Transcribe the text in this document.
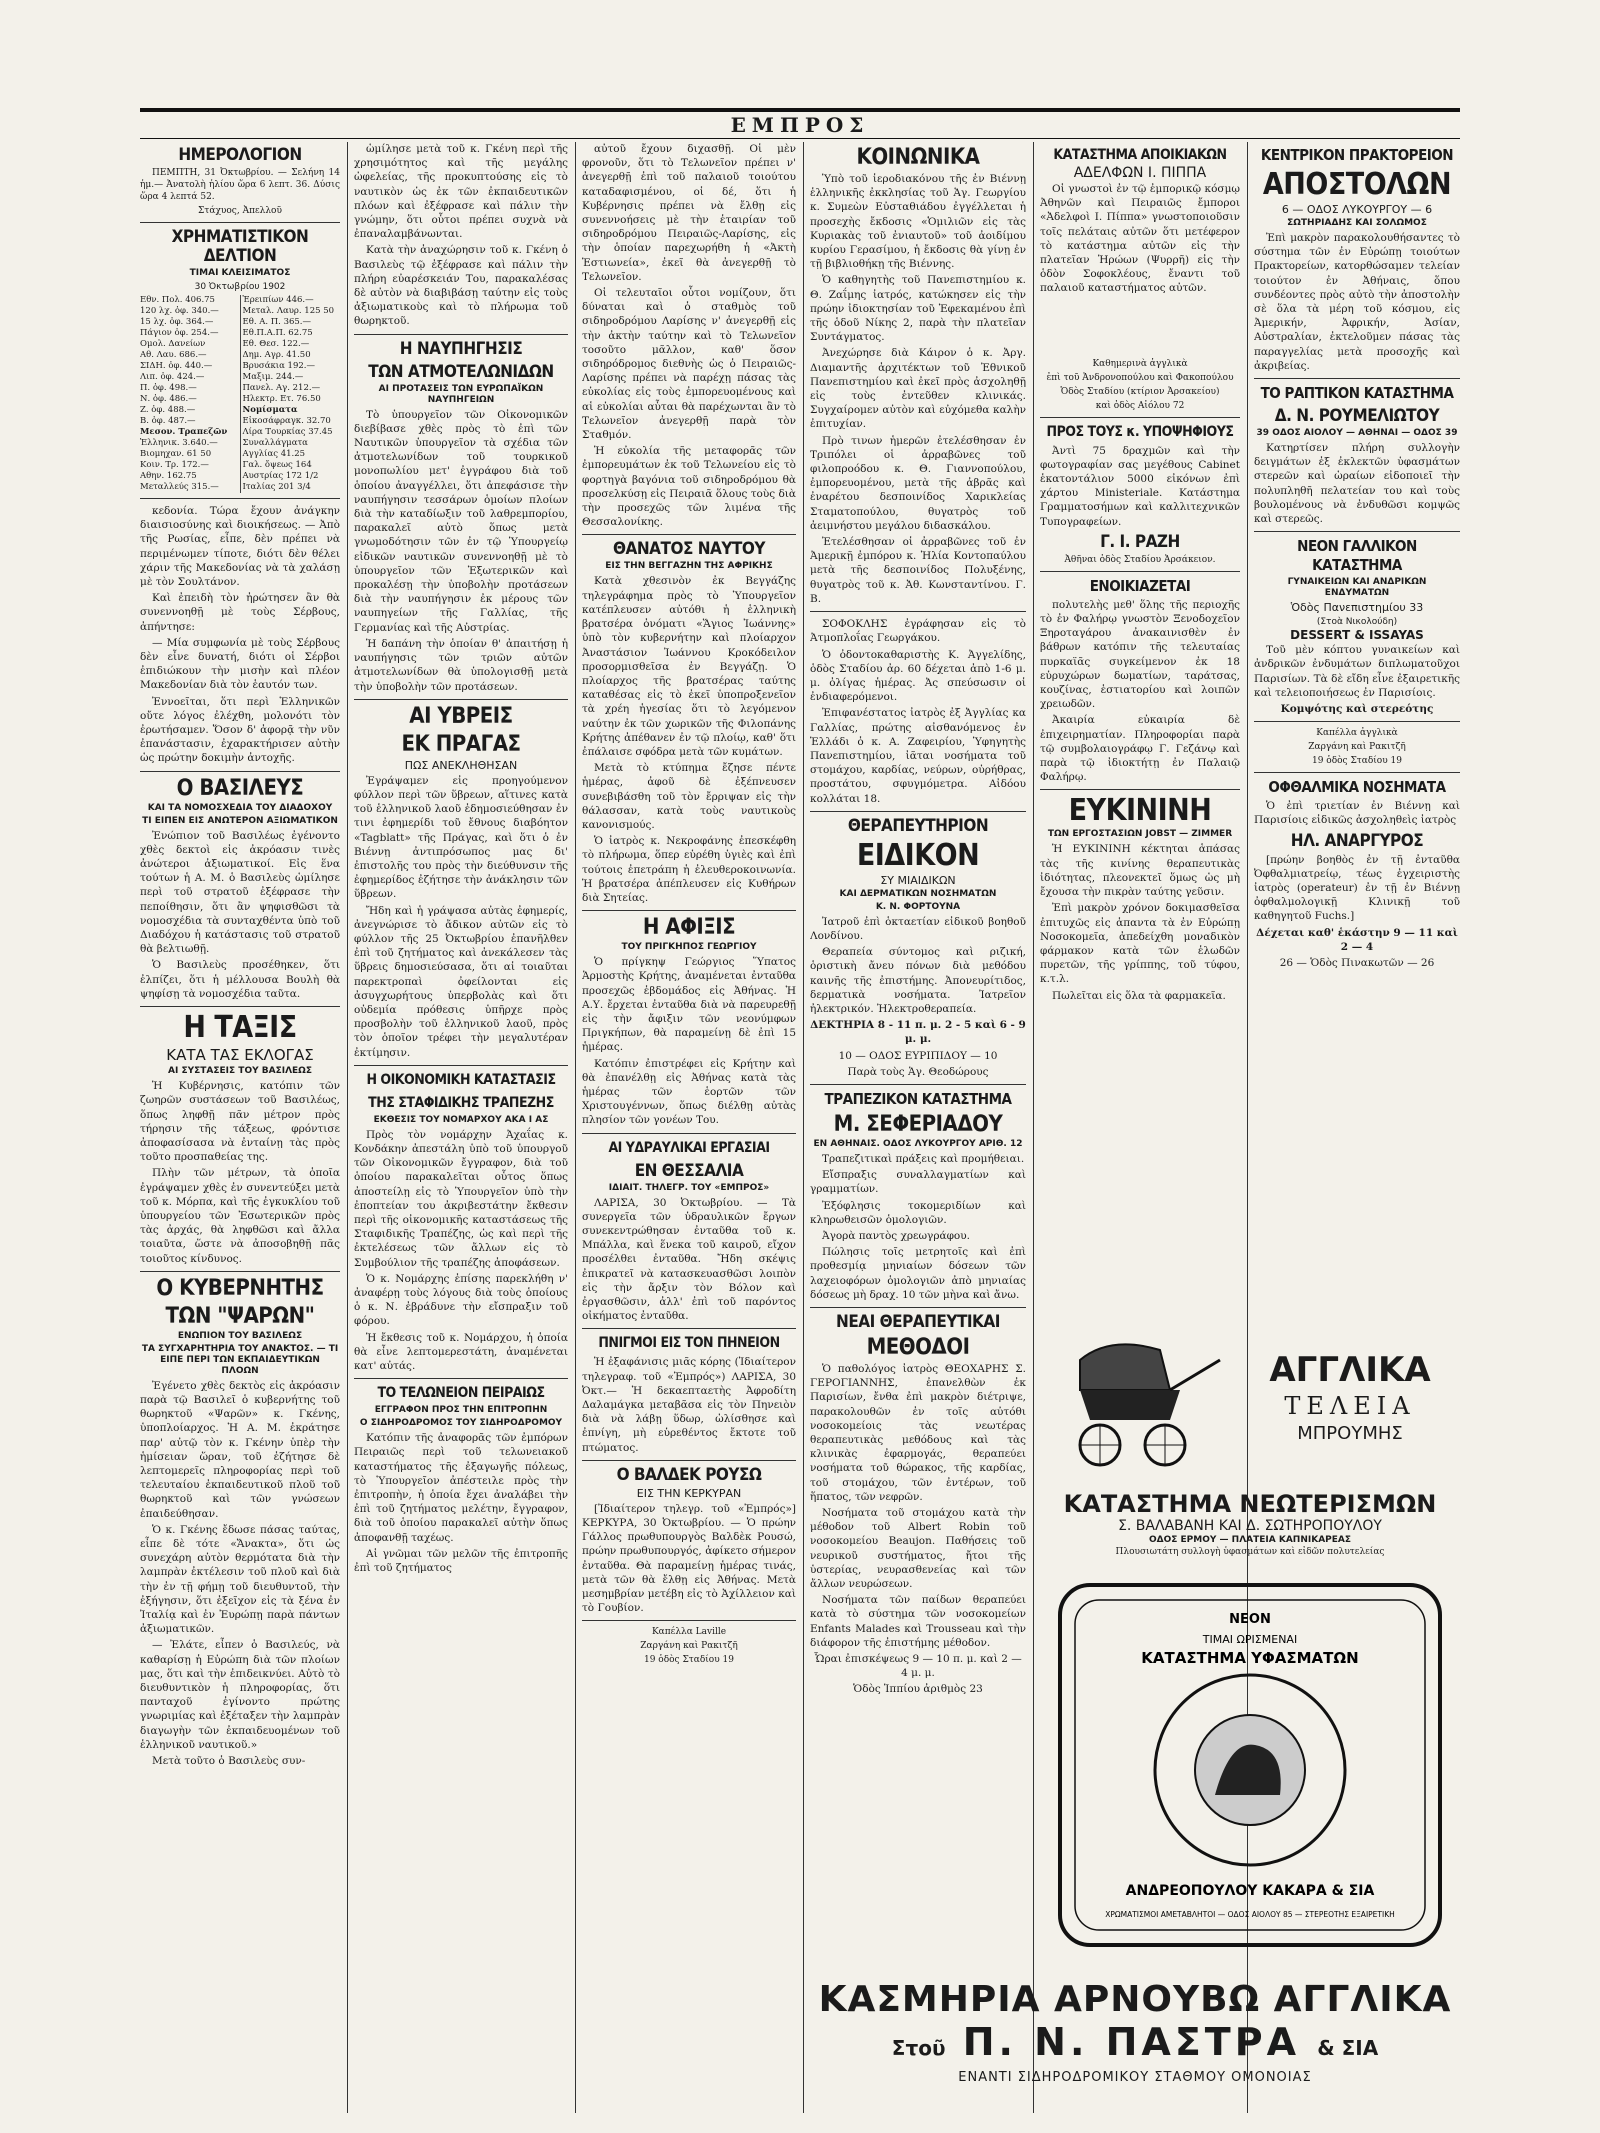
ΕΜΠΡΟΣ
ΗΜΕΡΟΛΟΓΙΟΝ

ΠΕΜΠΤΗ, 31 Ὀκτωβρίου. — Σελήνη 14 ἡμ.— Ἀνατολὴ ἡλίου ὥρα 6 λεπτ. 36. Δύσις ὥρα 4 λεπτά 52.

Στάχυος, Ἀπελλοῦ

ΧΡΗΜΑΤΙΣΤΙΚΟΝ ΔΕΛΤΙΟΝ
ΤΙΜΑΙ ΚΛΕΙΣΙΜΑΤΟΣ
30 Ὀκτωβρίου 1902
Εθν. Πολ. 406.75
120 λχ. ὀφ. 340.—
15 λχ. ὀφ. 364.—
Πάγιον ὀφ. 254.—
Ομολ. Δανείων
Αθ. Λαυ. 686.—
ΣΙΔΗ. ὀφ. 440.—
Λιπ. ὀφ. 424.—
Π. ὀφ. 498.—
Ν. ὀφ. 486.—
Ζ. ὀφ. 488.—
Β. ὀφ. 487.—
Μεσον. Τραπεζῶν
Ἑλληνικ. 3.640.—
Βιομηχαν. 61 50
Κοιν. Τρ. 172.—
Αθην. 162.75
Μεταλλεύς 315.—
Ἐρειπίων 446.—
Μεταλ. Λαυρ. 125 50
Εθ. Α. Π. 365.—
Εθ.Π.Α.Π. 62.75
Εθ. Θεσ. 122.—
Δημ. Αγρ. 41.50
Βρυσάκια 192.—
Μαξιμ. 244.—
Πανελ. Αγ. 212.—
Ηλεκτρ. Ετ. 76.50
Νομίσματα
Εἰκοσάφραγκ. 32.70
Λίρα Τουρκίας 37.45
Συναλλάγματα
Αγγλίας 41.25
Γαλ. ὄψεως 164
Αυστρίας 172 1/2
Ιταλίας 201 3/4

κεδονία. Τώρα ἔχουν ἀνάγκην διαισιοσύνης καὶ διοικήσεως. — Ἀπὸ τῆς Ρωσίας, εἶπε, δὲν πρέπει νὰ περιμένωμεν τίποτε, διότι δὲν θέλει χάριν τῆς Μακεδονίας νὰ τὰ χαλάσῃ μὲ τὸν Σουλτάνον.

Καὶ ἐπειδὴ τὸν ἠρώτησεν ἂν θὰ συνεννοηθῇ μὲ τοὺς Σέρβους, ἀπήντησε:

— Μία συμφωνία μὲ τοὺς Σέρβους δὲν εἶνε δυνατή, διότι οἱ Σέρβοι ἐπιδιώκουν τὴν μισὴν καὶ πλέον Μακεδονίαν διὰ τὸν ἑαυτόν των.

Ἐννοεῖται, ὅτι περὶ Ἑλληνικῶν οὔτε λόγος ἐλέχθη, μολονότι τὸν ἐρωτήσαμεν. Ὅσον δ' ἀφορᾷ τὴν νῦν ἐπανάστασιν, ἐχαρακτήρισεν αὐτὴν ὡς πρώτην δοκιμὴν ἀντοχῆς.

Ο ΒΑΣΙΛΕΥΣ
ΚΑΙ ΤΑ ΝΟΜΟΣΧΕΔΙΑ ΤΟΥ ΔΙΑΔΟΧΟΥ
ΤΙ ΕΙΠΕΝ ΕΙΣ ΑΝΩΤΕΡΟΝ ΑΞΙΩΜΑΤΙΚΟΝ

Ἐνώπιον τοῦ Βασιλέως ἐγένοντο χθὲς δεκτοὶ εἰς ἀκρόασιν τινὲς ἀνώτεροι ἀξιωματικοί. Εἰς ἕνα τούτων ἡ Α. Μ. ὁ Βασιλεὺς ὡμίλησε περὶ τοῦ στρατοῦ ἐξέφρασε τὴν πεποίθησιν, ὅτι ἂν ψηφισθῶσι τὰ νομοσχέδια τὰ συνταχθέντα ὑπὸ τοῦ Διαδόχου ἡ κατάστασις τοῦ στρατοῦ θὰ βελτιωθῇ.

Ὁ Βασιλεὺς προσέθηκεν, ὅτι ἐλπίζει, ὅτι ἡ μέλλουσα Βουλὴ θὰ ψηφίσῃ τὰ νομοσχέδια ταῦτα.

Η ΤΑΞΙΣ
ΚΑΤΑ ΤΑΣ ΕΚΛΟΓΑΣ
ΑΙ ΣΥΣΤΑΣΕΙΣ ΤΟΥ ΒΑΣΙΛΕΩΣ

Ἡ Κυβέρνησις, κατόπιν τῶν ζωηρῶν συστάσεων τοῦ Βασιλέως, ὅπως ληφθῇ πᾶν μέτρον πρὸς τήρησιν τῆς τάξεως, φρόντισε ἀποφασίσασα νὰ ἐνταίνῃ τὰς πρὸς τοῦτο προσπαθείας της.

Πλὴν τῶν μέτρων, τὰ ὁποῖα ἐγράψαμεν χθὲς ἐν συνεντεύξει μετὰ τοῦ κ. Μόρπα, καὶ τῆς ἐγκυκλίου τοῦ ὑπουργείου τῶν Ἐσωτερικῶν πρὸς τὰς ἀρχάς, θὰ ληφθῶσι καὶ ἄλλα τοιαῦτα, ὥστε νὰ ἀποσοβηθῇ πᾶς τοιοῦτος κίνδυνος.

Ο ΚΥΒΕΡΝΗΤΗΣ
ΤΩΝ "ΨΑΡΩΝ"
ΕΝΩΠΙΟΝ ΤΟΥ ΒΑΣΙΛΕΩΣ
ΤΑ ΣΥΓΧΑΡΗΤΗΡΙΑ ΤΟΥ ΑΝΑΚΤΟΣ. — ΤΙ ΕΙΠΕ ΠΕΡΙ ΤΩΝ ΕΚΠΑΙΔΕΥΤΙΚΩΝ ΠΛΟΩΝ

Ἐγένετο χθὲς δεκτὸς εἰς ἀκρόασιν παρὰ τῷ Βασιλεῖ ὁ κυβερνήτης τοῦ θωρηκτοῦ «Ψαρῶν» κ. Γκένης, ὑποπλοίαρχος. Ἡ Α. Μ. ἐκράτησε παρ' αὐτῷ τὸν κ. Γκένην ὑπὲρ τὴν ἡμίσειαν ὥραν, τοῦ ἐζήτησε δὲ λεπτομερεῖς πληροφορίας περὶ τοῦ τελευταίου ἐκπαιδευτικοῦ πλοῦ τοῦ θωρηκτοῦ καὶ τῶν γνώσεων ἐπαιδεύθησαν.

Ὁ κ. Γκένης ἔδωσε πάσας ταύτας, εἶπε δὲ τότε «Ἄνακτα», ὅτι ὡς συνεχάρη αὐτὸν θερμότατα διὰ τὴν λαμπρὰν ἐκτέλεσιν τοῦ πλοῦ καὶ διὰ τὴν ἐν τῇ φήμῃ τοῦ διευθυντοῦ, τὴν ἐξήγησιν, ὅτι ἐξεῖχον εἰς τὰ ξένα ἐν Ἰταλίᾳ καὶ ἐν Ἐυρώπῃ παρὰ πάντων ἀξιωματικῶν.

— Ἐλάτε, εἶπεν ὁ Βασιλεύς, νὰ καθαρίσῃ ἡ Εὐρώπη διὰ τῶν πλοίων μας, ὅτι καὶ τὴν ἐπιδεικνύει. Αὐτὸ τὸ διευθυντικὸν ἡ πληροφορίας, ὅτι πανταχοῦ ἐγίνοντο πρώτης γνωριμίας καὶ ἐξέταξεν τὴν λαμπρὰν διαγωγὴν τῶν ἐκπαιδευομένων τοῦ ἑλληνικοῦ ναυτικοῦ.»

Μετὰ τοῦτο ὁ Βασιλεὺς συν-

ὡμίλησε μετὰ τοῦ κ. Γκένη περὶ τῆς χρησιμότητος καὶ τῆς μεγάλης ὠφελείας, τῆς προκυπτούσης εἰς τὸ ναυτικὸν ὡς ἐκ τῶν ἐκπαιδευτικῶν πλόων καὶ ἐξέφρασε καὶ πάλιν τὴν γνώμην, ὅτι οὗτοι πρέπει συχνὰ νὰ ἐπαναλαμβάνωνται.

Κατὰ τὴν ἀναχώρησιν τοῦ κ. Γκένη ὁ Βασιλεὺς τῷ ἐξέφρασε καὶ πάλιν τὴν πλήρη εὐαρέσκειάν Του, παρακαλέσας δὲ αὐτὸν νὰ διαβιβάσῃ ταύτην εἰς τοὺς ἀξιωματικοὺς καὶ τὸ πλήρωμα τοῦ θωρηκτοῦ.

Η ΝΑΥΠΗΓΗΣΙΣ
ΤΩΝ ΑΤΜΟΤΕΛΩΝΙΔΩΝ
ΑΙ ΠΡΟΤΑΣΕΙΣ ΤΩΝ ΕΥΡΩΠΑΪΚΩΝ ΝΑΥΠΗΓΕΙΩΝ

Τὸ ὑπουργεῖον τῶν Οἰκονομικῶν διεβίβασε χθὲς πρὸς τὸ ἐπὶ τῶν Ναυτικῶν ὑπουργεῖον τὰ σχέδια τῶν ἀτμοτελωνίδων τοῦ τουρκικοῦ μονοπωλίου μετ' ἐγγράφου διὰ τοῦ ὁποίου ἀναγγέλλει, ὅτι ἀπεφάσισε τὴν ναυπήγησιν τεσσάρων ὁμοίων πλοίων διὰ τὴν καταδίωξιν τοῦ λαθρεμπορίου, παρακαλεῖ αὐτὸ ὅπως μετὰ γνωμοδότησιν τῶν ἐν τῷ Ὑπουργείῳ εἰδικῶν ναυτικῶν συνεννοηθῇ μὲ τὸ ὑπουργεῖον τῶν Ἐξωτερικῶν καὶ προκαλέσῃ τὴν ὑποβολὴν προτάσεων διὰ τὴν ναυπήγησιν ἐκ μέρους τῶν ναυπηγείων τῆς Γαλλίας, τῆς Γερμανίας καὶ τῆς Αὐστρίας.

Ἡ δαπάνη τὴν ὁποίαν θ' ἀπαιτήσῃ ἡ ναυπήγησις τῶν τριῶν αὐτῶν ἀτμοτελωνίδων θὰ ὑπολογισθῇ μετὰ τὴν ὑποβολὴν τῶν προτάσεων.

ΑΙ ΥΒΡΕΙΣ
ΕΚ ΠΡΑΓΑΣ
ΠΩΣ ΑΝΕΚΛΗΘΗΣΑΝ

Ἐγράψαμεν εἰς προηγούμενον φύλλον περὶ τῶν ὕβρεων, αἵτινες κατὰ τοῦ ἑλληνικοῦ λαοῦ ἐδημοσιεύθησαν ἐν τινι ἐφημερίδι τοῦ ἔθνους διαβόητον «Tagblatt» τῆς Πράγας, καὶ ὅτι ὁ ἐν Βιέννῃ ἀντιπρόσωπος μας δι' ἐπιστολῆς του πρὸς τὴν διεύθυνσιν τῆς ἐφημερίδος ἐζήτησε τὴν ἀνάκλησιν τῶν ὕβρεων.

Ἤδη καὶ ἡ γράψασα αὐτὰς ἐφημερίς, ἀνεγνώρισε τὸ ἄδικον αὐτῶν εἰς τὸ φύλλον τῆς 25 Ὀκτωβρίου ἐπανῆλθεν ἐπὶ τοῦ ζητήματος καὶ ἀνεκάλεσεν τὰς ὕβρεις δημοσιεύσασα, ὅτι αἱ τοιαῦται παρεκτροπαὶ ὀφείλονται εἰς ἀσυγχωρήτους ὑπερβολὰς καὶ ὅτι οὐδεμία πρόθεσις ὑπῆρχε πρὸς προσβολὴν τοῦ ἑλληνικοῦ λαοῦ, πρὸς τὸν ὁποῖον τρέφει τὴν μεγαλυτέραν ἐκτίμησιν.

Η ΟΙΚΟΝΟΜΙΚΗ ΚΑΤΑΣΤΑΣΙΣ
ΤΗΣ ΣΤΑΦΙΔΙΚΗΣ ΤΡΑΠΕΖΗΣ
ΕΚΘΕΣΙΣ ΤΟΥ ΝΟΜΑΡΧΟΥ ΑΚΑ Ι ΑΣ

Πρὸς τὸν νομάρχην Ἀχαΐας κ. Κονδάκην ἀπεστάλη ὑπὸ τοῦ ὑπουργοῦ τῶν Οἰκονομικῶν ἔγγραφον, διὰ τοῦ ὁποίου παρακαλεῖται οὗτος ὅπως ἀποστείλῃ εἰς τὸ Ὑπουργεῖον ὑπὸ τὴν ἐποπτείαν του ἀκριβεστάτην ἔκθεσιν περὶ τῆς οἰκονομικῆς καταστάσεως τῆς Σταφιδικῆς Τραπέζης, ὡς καὶ περὶ τῆς ἐκτελέσεως τῶν ἄλλων εἰς τὸ Συμβούλιον τῆς τραπέζης ἀποφάσεων.

Ὁ κ. Νομάρχης ἐπίσης παρεκλήθη ν' ἀναφέρῃ τοὺς λόγους διὰ τοὺς ὁποίους ὁ κ. Ν. ἐβράδυνε τὴν εἴσπραξιν τοῦ φόρου.

Ἡ ἔκθεσις τοῦ κ. Νομάρχου, ἡ ὁποία θὰ εἶνε λεπτομερεστάτη, ἀναμένεται κατ' αὐτάς.

ΤΟ ΤΕΛΩΝΕΙΟΝ ΠΕΙΡΑΙΩΣ
ΕΓΓΡΑΦΟΝ ΠΡΟΣ ΤΗΝ ΕΠΙΤΡΟΠΗΝ
Ο ΣΙΔΗΡΟΔΡΟΜΟΣ ΤΟΥ ΣΙΔΗΡΟΔΡΟΜΟΥ

Κατόπιν τῆς ἀναφορᾶς τῶν ἐμπόρων Πειραιῶς περὶ τοῦ τελωνειακοῦ καταστήματος τῆς ἐξαγωγῆς πόλεως, τὸ Ὑπουργεῖον ἀπέστειλε πρὸς τὴν ἐπιτροπὴν, ἡ ὁποία ἔχει ἀναλάβει τὴν ἐπὶ τοῦ ζητήματος μελέτην, ἔγγραφον, διὰ τοῦ ὁποίου παρακαλεῖ αὐτὴν ὅπως ἀποφανθῇ ταχέως.

Αἱ γνῶμαι τῶν μελῶν τῆς ἐπιτροπῆς ἐπὶ τοῦ ζητήματος

αὐτοῦ ἔχουν διχασθῇ. Οἱ μὲν φρονοῦν, ὅτι τὸ Τελωνεῖον πρέπει ν' ἀνεγερθῇ ἐπὶ τοῦ παλαιοῦ τοιούτου καταδαφισμένου, οἱ δέ, ὅτι ἡ Κυβέρνησις πρέπει νὰ ἔλθῃ εἰς συνεννοήσεις μὲ τὴν ἑταιρίαν τοῦ σιδηροδρόμου Πειραιῶς-Λαρίσης, εἰς τὴν ὁποίαν παρεχωρήθη ἡ «Ἀκτὴ Ἑστιωνεία», ἐκεῖ θὰ ἀνεγερθῇ τὸ Τελωνεῖον.

Οἱ τελευταῖοι οὗτοι νομίζουν, ὅτι δύναται καὶ ὁ σταθμὸς τοῦ σιδηροδρόμου Λαρίσης ν' ἀνεγερθῇ εἰς τὴν ἀκτὴν ταύτην καὶ τὸ Τελωνεῖον τοσοῦτο μᾶλλον, καθ' ὅσον σιδηρόδρομος διεθνὴς ὡς ὁ Πειραιῶς-Λαρίσης πρέπει νὰ παρέχῃ πάσας τὰς εὐκολίας εἰς τοὺς ἐμπορευομένους καὶ αἱ εὐκολίαι αὗται θὰ παρέχωνται ἂν τὸ Τελωνεῖον ἀνεγερθῇ παρὰ τὸν Σταθμόν.

Ἡ εὐκολία τῆς μεταφορᾶς τῶν ἐμπορευμάτων ἐκ τοῦ Τελωνείου εἰς τὸ φορτηγὰ βαγόνια τοῦ σιδηροδρόμου θὰ προσελκύσῃ εἰς Πειραιᾶ ὅλους τοὺς διὰ τὴν προσεχῶς τῶν λιμένα τῆς Θεσσαλονίκης.

ΘΑΝΑΤΟΣ ΝΑΥΤΟΥ
ΕΙΣ ΤΗΝ ΒΕΓΓΑΖΗΝ ΤΗΣ ΑΦΡΙΚΗΣ

Κατὰ χθεσινὸν ἐκ Βεγγάζης τηλεγράφημα πρὸς τὸ Ὑπουργεῖον κατέπλευσεν αὐτόθι ἡ ἑλληνικὴ βρατσέρα ὀνόματι «Ἅγιος Ἰωάννης» ὑπὸ τὸν κυβερνήτην καὶ πλοίαρχον Ἀναστάσιον Ἰωάννου Κροκόδειλον προσορμισθεῖσα ἐν Βεγγάζῃ. Ὁ πλοίαρχος τῆς βρατσέρας ταύτης καταθέσας εἰς τὸ ἐκεῖ ὑποπροξενεῖον τὰ χρέη ἡγεσίας ὅτι τὸ λεγόμενον ναύτην ἐκ τῶν χωρικῶν τῆς Φιλοπάνης Κρήτης ἀπέθανεν ἐν τῷ πλοίῳ, καθ' ὅτι ἐπάλαισε σφόδρα μετὰ τῶν κυμάτων.

Μετὰ τὸ κτύπημα ἔζησε πέντε ἡμέρας, ἀφοῦ δὲ ἐξέπνευσεν συνεβιβάσθη τοῦ τὸν ἔρριψαν εἰς τὴν θάλασσαν, κατὰ τοὺς ναυτικοὺς κανονισμούς.

Ὁ ἰατρὸς κ. Νεκροφάνης ἐπεσκέφθη τὸ πλήρωμα, ὅπερ εὑρέθη ὑγιὲς καὶ ἐπὶ τούτοις ἐπετράπη ἡ ἐλευθεροκοινωνία. Ἡ βρατσέρα ἀπέπλευσεν εἰς Κυθήρων διὰ Σητείας.

Η ΑΦΙΞΙΣ
ΤΟΥ ΠΡΙΓΚΗΠΟΣ ΓΕΩΡΓΙΟΥ

Ὁ πρίγκηψ Γεώργιος Ὕπατος Ἁρμοστὴς Κρήτης, ἀναμένεται ἐνταῦθα προσεχῶς ἑβδομάδος εἰς Ἀθήνας. Ἡ Α.Υ. ἔρχεται ἐνταῦθα διὰ νὰ παρευρεθῇ εἰς τὴν ἄφιξιν τῶν νεονύμφων Πριγκήπων, θὰ παραμείνῃ δὲ ἐπὶ 15 ἡμέρας.

Κατόπιν ἐπιστρέφει εἰς Κρήτην καὶ θὰ ἐπανέλθῃ εἰς Ἀθήνας κατὰ τὰς ἡμέρας τῶν ἑορτῶν τῶν Χριστουγέννων, ὅπως διέλθῃ αὐτὰς πλησίον τῶν γονέων Του.

ΑΙ ΥΔΡΑΥΛΙΚΑΙ ΕΡΓΑΣΙΑΙ
ΕΝ ΘΕΣΣΑΛΙΑ
ΙΔΙΑΙΤ. ΤΗΛΕΓΡ. ΤΟΥ «ΕΜΠΡΟΣ»

ΛΑΡΙΣΑ, 30 Ὀκτωβρίου. — Τὰ συνεργεῖα τῶν ὑδραυλικῶν ἔργων συνεκεντρώθησαν ἐνταῦθα τοῦ κ. Μπάλλα, καὶ ἕνεκα τοῦ καιροῦ, εἴχον προσέλθει ἐνταῦθα. Ἤδη σκέψις ἐπικρατεῖ νὰ κατασκευασθῶσι λοιπὸν εἰς τὴν ἄρξιν τὸν Βόλον καὶ ἐργασθῶσιν, ἀλλ' ἐπὶ τοῦ παρόντος οἰκήματος ἐνταῦθα.

ΠΝΙΓΜΟΙ ΕΙΣ ΤΟΝ ΠΗΝΕΙΟΝ

Ἡ ἐξαφάνισις μιᾶς κόρης (Ἰδιαίτερον τηλεγραφ. τοῦ «Ἐμπρός») ΛΑΡΙΣΑ, 30 Ὀκτ.— Ἡ δεκαεπταετὴς Ἀφροδίτη Δαλαμάγκα μεταβᾶσα εἰς τὸν Πηνειὸν διὰ νὰ λάβῃ ὕδωρ, ὠλίσθησε καὶ ἐπνίγη, μὴ εὑρεθέντος ἔκτοτε τοῦ πτώματος.

Ο ΒΑΛΔΕΚ ΡΟΥΣΩ
ΕΙΣ ΤΗΝ ΚΕΡΚΥΡΑΝ

[Ἰδιαίτερον τηλεγρ. τοῦ «Ἐμπρός»] ΚΕΡΚΥΡΑ, 30 Ὀκτωβρίου. — Ὁ πρώην Γάλλος πρωθυπουργὸς Βαλδὲκ Ρουσώ, πρώην πρωθυπουργός, ἀφίκετο σήμερον ἐνταῦθα. Θὰ παραμείνῃ ἡμέρας τινάς, μετὰ τῶν θὰ ἔλθῃ εἰς Ἀθήνας. Μετὰ μεσημβρίαν μετέβη εἰς τὸ Ἀχίλλειον καὶ τὸ Γουβίον.

Καπέλλα Laville

Ζαργάνη καὶ Ρακιτζῆ

19 ὁδὸς Σταδίου 19

ΚΟΙΝΩΝΙΚΑ

Ὑπὸ τοῦ ἱεροδιακόνου τῆς ἐν Βιέννῃ ἑλληνικῆς ἐκκλησίας τοῦ Ἁγ. Γεωργίου κ. Συμεὼν Εὐσταθιάδου ἐγγέλλεται ἡ προσεχὴς ἔκδοσις «Ὁμιλιῶν εἰς τὰς Κυριακὰς τοῦ ἐνιαυτοῦ» τοῦ ἀοιδίμου κυρίου Γερασίμου, ἡ ἔκδοσις θὰ γίνῃ ἐν τῇ βιβλιοθήκῃ τῆς Βιέννης.

Ὁ καθηγητὴς τοῦ Πανεπιστημίου κ. Θ. Ζαΐμης ἰατρός, κατώκησεν εἰς τὴν πρώην ἰδιοκτησίαν τοῦ Ἐφεκαμένου ἐπὶ τῆς ὁδοῦ Νίκης 2, παρὰ τὴν πλατεῖαν Συντάγματος.

Ἀνεχώρησε διὰ Κάιρον ὁ κ. Ἀργ. Διαμαντῆς ἀρχιτέκτων τοῦ Ἐθνικοῦ Πανεπιστημίου καὶ ἐκεῖ πρὸς ἀσχοληθῇ εἰς τοὺς ἐντεῦθεν κλινικάς. Συγχαίρομεν αὐτὸν καὶ εὐχόμεθα καλὴν ἐπιτυχίαν.

Πρὸ τινων ἡμερῶν ἐτελέσθησαν ἐν Τριπόλει οἱ ἀρραβῶνες τοῦ φιλοπροόδου κ. Θ. Γιαννοπούλου, ἐμπορευομένου, μετὰ τῆς ἀβρᾶς καὶ ἐναρέτου δεσποινίδος Χαρικλείας Σταματοπούλου, θυγατρὸς τοῦ ἀειμνήστου μεγάλου διδασκάλου.

Ἐτελέσθησαν οἱ ἀρραβῶνες τοῦ ἐν Ἀμερικῇ ἐμπόρου κ. Ἠλία Κοντοπαύλου μετὰ τῆς δεσποινίδος Πολυξένης, θυγατρὸς τοῦ κ. Ἀθ. Κωνσταντίνου. Γ. Β.

ΣΟΦΟΚΛΗΣ ἐγράφησαν εἰς τὸ Ἀτμοπλοΐας Γεωργάκου.

Ὁ ὀδοντοκαθαριστὴς Κ. Ἀγγελίδης, ὁδὸς Σταδίου ἀρ. 60 δέχεται ἀπὸ 1-6 μ. μ. ὀλίγας ἡμέρας. Ἀς σπεύσωσιν οἱ ἐνδιαφερόμενοι.

Ἐπιφανέστατος ἰατρὸς ἐξ Ἀγγλίας κα Γαλλίας, πρώτης αἰσθανόμενος ἐν Ἑλλάδι ὁ κ. Α. Ζαφειρίου, Ὑφηγητὴς Πανεπιστημίου, ἰᾶται νοσήματα τοῦ στομάχου, καρδίας, νεύρων, οὐρήθρας, προστάτου, σφυγμόμετρα. Αἰδόου κολλάται 18.

ΘΕΡΑΠΕΥΤΗΡΙΟΝ
ΕΙΔΙΚΟΝ
ΣΥ ΜΙΑΙΔΙΚΩΝ
ΚΑΙ ΔΕΡΜΑΤΙΚΩΝ ΝΟΣΗΜΑΤΩΝ
Κ. Ν. ΦΟΡΤΟΥΝΑ

Ἰατροῦ ἐπὶ ὁκταετίαν εἰδικοῦ βοηθοῦ Λονδίνου.

Θεραπεία σύντομος καὶ ριζική, ὁριστικὴ ἄνευ πόνων διὰ μεθόδου καινῆς τῆς ἐπιστήμης. Ἀπονευρίτιδος, δερματικὰ νοσήματα. Ἰατρεῖον ἠλεκτρικόν. Ἠλεκτροθεραπεία.

ΔΕΚΤΗΡΙΑ 8 - 11 π. μ. 2 - 5 καὶ 6 - 9 μ. μ.

10 — ΟΔΟΣ ΕΥΡΙΠΙΔΟΥ — 10

Παρὰ τοὺς Ἁγ. Θεοδώρους

ΤΡΑΠΕΖΙΚΟΝ ΚΑΤΑΣΤΗΜΑ
Μ. ΣΕΦΕΡΙΑΔΟΥ
ΕΝ ΑΘΗΝΑΙΣ. ΟΔΟΣ ΛΥΚΟΥΡΓΟΥ ΑΡΙΘ. 12

Τραπεζιτικαὶ πράξεις καὶ προμήθειαι.

Εἴσπραξις συναλλαγματίων καὶ γραμματίων.

Ἐξόφλησις τοκομεριδίων καὶ κληρωθεισῶν ὁμολογιῶν.

Ἀγορὰ παντὸς χρεωγράφου.

Πώλησις τοῖς μετρητοῖς καὶ ἐπὶ προθεσμίᾳ μηνιαίων δόσεων τῶν λαχειοφόρων ὁμολογιῶν ἀπὸ μηνιαίας δόσεως μὴ δραχ. 10 τῶν μὴνα καὶ ἄνω.

ΝΕΑΙ ΘΕΡΑΠΕΥΤΙΚΑΙ
ΜΕΘΟΔΟΙ

Ὁ παθολόγος ἰατρὸς ΘΕΟΧΑΡΗΣ Σ. ΓΕΡΟΓΙΑΝΝΗΣ, ἐπανελθὼν ἐκ Παρισίων, ἔνθα ἐπὶ μακρὸν διέτριψε, παρακολουθῶν ἐν τοῖς αὐτόθι νοσοκομείοις τὰς νεωτέρας θεραπευτικὰς μεθόδους καὶ τὰς κλινικὰς ἐφαρμογάς, θεραπεύει νοσήματα τοῦ θώρακος, τῆς καρδίας, τοῦ στομάχου, τῶν ἐντέρων, τοῦ ἥπατος, τῶν νεφρῶν.

Νοσήματα τοῦ στομάχου κατὰ τὴν μέθοδον τοῦ Albert Robin τοῦ νοσοκομείου Beaujon. Παθήσεις τοῦ νευρικοῦ συστήματος, ἤτοι τῆς ὑστερίας, νευρασθενείας καὶ τῶν ἄλλων νευρώσεων.

Νοσήματα τῶν παίδων θεραπεύει κατὰ τὸ σύστημα τῶν νοσοκομείων Enfants Malades καὶ Trousseau καὶ τὴν διάφορον τῆς ἐπιστήμης μέθοδον.

Ὧραι ἐπισκέψεως 9 — 10 π. μ. καὶ 2 — 4 μ. μ.

Ὁδὸς Ἱππίου ἀριθμὸς 23

ΚΑΤΑΣΤΗΜΑ ΑΠΟΙΚΙΑΚΩΝ
ΑΔΕΛΦΩΝ Ι. ΠΙΠΠΑ

Οἱ γνωστοὶ ἐν τῷ ἐμπορικῷ κόσμῳ Ἀθηνῶν καὶ Πειραιῶς ἔμποροι «Ἀδελφοὶ Ι. Πίππα» γνωστοποιοῦσιν τοῖς πελάταις αὐτῶν ὅτι μετέφερον τὸ κατάστημα αὐτῶν εἰς τὴν πλατεῖαν Ἡρώων (Ψυρρῆ) εἰς τὴν ὁδὸν Σοφοκλέους, ἔναντι τοῦ παλαιοῦ καταστήματος αὐτῶν.

Καθημερινὰ ἀγγλικὰ

ἐπὶ τοῦ Ἀνδρονοπούλου καὶ Φακοπούλου

Ὁδὸς Σταδίου (κτίριον Ἀρσακείου)

καὶ ὁδὸς Αἰόλου 72

ΠΡΟΣ ΤΟΥΣ κ. ΥΠΟΨΗΦΙΟΥΣ

Ἀντὶ 75 δραχμῶν καὶ τὴν φωτογραφίαν σας μεγέθους Cabinet ἑκατοντάλιον 5000 εἰκόνων ἐπὶ χάρτου Ministeriale. Κατάστημα Γραμματοσήμων καὶ καλλιτεχνικῶν Τυπογραφείων.

Γ. Ι. ΡΑΖΗ

Ἀθῆναι ὁδὸς Σταδίου Ἀρσάκειον.

ΕΝΟΙΚΙΑΖΕΤΑΙ

πολυτελὴς μεθ' ὅλης τῆς περιοχῆς τὸ ἐν Φαλήρῳ γνωστὸν Ξενοδοχεῖον Ξηροταγάρου ἀνακαινισθὲν ἐν βάθρων κατόπιν τῆς τελευταίας πυρκαϊᾶς συγκείμενον ἐκ 18 εὐρυχώρων δωματίων, ταράτσας, κουζίνας, ἑστιατορίου καὶ λοιπῶν χρειωδῶν.

Ἀκαιρία εὐκαιρία δὲ ἐπιχειρηματίαν. Πληροφορίαι παρὰ τῷ συμβολαιογράφῳ Γ. Γεζάνῳ καὶ παρὰ τῷ ἰδιοκτήτῃ ἐν Παλαιῷ Φαλήρῳ.

ΕΥΚΙΝΙΝΗ
ΤΩΝ ΕΡΓΟΣΤΑΣΙΩΝ JOBST — ZIMMER

Ἡ ΕΥΚΙΝΙΝΗ κέκτηται ἁπάσας τὰς τῆς κινίνης θεραπευτικὰς ἰδιότητας, πλεονεκτεῖ ὅμως ὡς μὴ ἔχουσα τὴν πικρὰν ταύτης γεῦσιν.

Ἐπὶ μακρὸν χρόνον δοκιμασθεῖσα ἐπιτυχῶς εἰς ἁπαντα τὰ ἐν Εὐρώπῃ Νοσοκομεῖα, ἀπεδείχθη μοναδικὸν φάρμακον κατὰ τῶν ἑλωδῶν πυρετῶν, τῆς γρίππης, τοῦ τύφου, κ.τ.λ.

Πωλεῖται εἰς ὅλα τὰ φαρμακεῖα.

ΚΕΝΤΡΙΚΟΝ ΠΡΑΚΤΟΡΕΙΟΝ
ΑΠΟΣΤΟΛΩΝ
6 — ΟΔΟΣ ΛΥΚΟΥΡΓΟΥ — 6
ΣΩΤΗΡΙΑΔΗΣ ΚΑΙ ΣΟΛΩΜΟΣ

Ἐπὶ μακρὸν παρακολουθήσαντες τὸ σύστημα τῶν ἐν Εὐρώπῃ τοιούτων Πρακτορείων, κατορθώσαμεν τελείαν τοιούτον ἐν Ἀθήναις, ὅπου συνδέοντες πρὸς αὐτὸ τὴν ἀποστολὴν σὲ ὅλα τὰ μέρη τοῦ κόσμου, εἰς Ἀμερικήν, Ἀφρικήν, Ἀσίαν, Αὐστραλίαν, ἐκτελοῦμεν πάσας τὰς παραγγελίας μετὰ προσοχῆς καὶ ἀκριβείας.

ΤΟ ΡΑΠΤΙΚΟΝ ΚΑΤΑΣΤΗΜΑ
Δ. Ν. ΡΟΥΜΕΛΙΩΤΟΥ
39 ΟΔΟΣ ΑΙΟΛΟΥ — ΑΘΗΝΑΙ — ΟΔΟΣ 39

Κατηρτίσεν πλήρη συλλογὴν δειγμάτων ἐξ ἐκλεκτῶν ὑφασμάτων στερεῶν καὶ ὡραίων εἰδοποιεῖ τὴν πολυπληθῆ πελατείαν του καὶ τοὺς βουλομένους νὰ ἐνδυθῶσι κομψῶς καὶ στερεῶς.

ΝΕΟΝ ΓΑΛΛΙΚΟΝ ΚΑΤΑΣΤΗΜΑ
ΓΥΝΑΙΚΕΙΩΝ ΚΑΙ ΑΝΔΡΙΚΩΝ ΕΝΔΥΜΑΤΩΝ
Ὁδὸς Πανεπιστημίου 33
(Στοὰ Νικολούδη)
DESSERT & ISSAYAS

Τοῦ μὲν κόπτου γυναικείων καὶ ἀνδρικῶν ἐνδυμάτων διπλωματοῦχοι Παρισίων. Τὰ δὲ εἴδη εἶνε ἐξαιρετικῆς καὶ τελειοποιήσεως ἐν Παρισίοις.

Κομψότης καὶ στερεότης

Καπέλλα ἀγγλικὰ

Ζαργάνη καὶ Ρακιτζῆ

19 ὁδὸς Σταδίου 19

ΟΦΘΑΛΜΙΚΑ ΝΟΣΗΜΑΤΑ

Ὁ ἐπὶ τριετίαν ἐν Βιέννῃ καὶ Παρισίοις εἰδικῶς ἀσχοληθεὶς ἰατρὸς

ΗΛ. ΑΝΑΡΓΥΡΟΣ

[πρώην βοηθὸς ἐν τῇ ἐνταῦθα Ὀφθαλμιατρείῳ, τέως ἐγχειριστὴς ἰατρὸς (operateur) ἐν τῇ ἐν Βιέννῃ ὀφθαλμολογικῇ Κλινικῇ τοῦ καθηγητοῦ Fuchs.]

Δέχεται καθ' ἑκάστην 9 — 11 καὶ 2 — 4

26 — Ὁδὸς Πινακωτῶν — 26

ΑΓΓΛΙΚΑ
ΤΕΛΕΙΑ
ΜΠΡΟΥΜΗΣ
ΚΑΤΑΣΤΗΜΑ ΝΕΩΤΕΡΙΣΜΩΝ
Σ. ΒΑΛΑΒΑΝΗ ΚΑΙ Δ. ΣΩΤΗΡΟΠΟΥΛΟΥ
ΟΔΟΣ ΕΡΜΟΥ — ΠΛΑΤΕΙΑ ΚΑΠΝΙΚΑΡΕΑΣ
Πλουσιωτάτη συλλογὴ ὑφασμάτων καὶ εἰδῶν πολυτελείας
ΝΕΟΝ
ΤΙΜΑΙ ΩΡΙΣΜΕΝΑΙ
ΚΑΤΑΣΤΗΜΑ ΥΦΑΣΜΑΤΩΝ
ΑΝΔΡΕΟΠΟΥΛΟΥ ΚΑΚΑΡΑ & ΣΙΑ
ΧΡΩΜΑΤΙΣΜΟΙ ΑΜΕΤΑΒΛΗΤΟΙ — ΟΔΟΣ ΑΙΟΛΟΥ 85 — ΣΤΕΡΕΟΤΗΣ ΕΞΑΙΡΕΤΙΚΗ
ΚΑΣΜΗΡΙΑ ΑΡΝΟΥΒΩ ΑΓΓΛΙΚΑ
Στοῦ Π. Ν. ΠΑΣΤΡΑ & ΣΙΑ
ΕΝΑΝΤΙ ΣΙΔΗΡΟΔΡΟΜΙΚΟΥ ΣΤΑΘΜΟΥ ΟΜΟΝΟΙΑΣ
